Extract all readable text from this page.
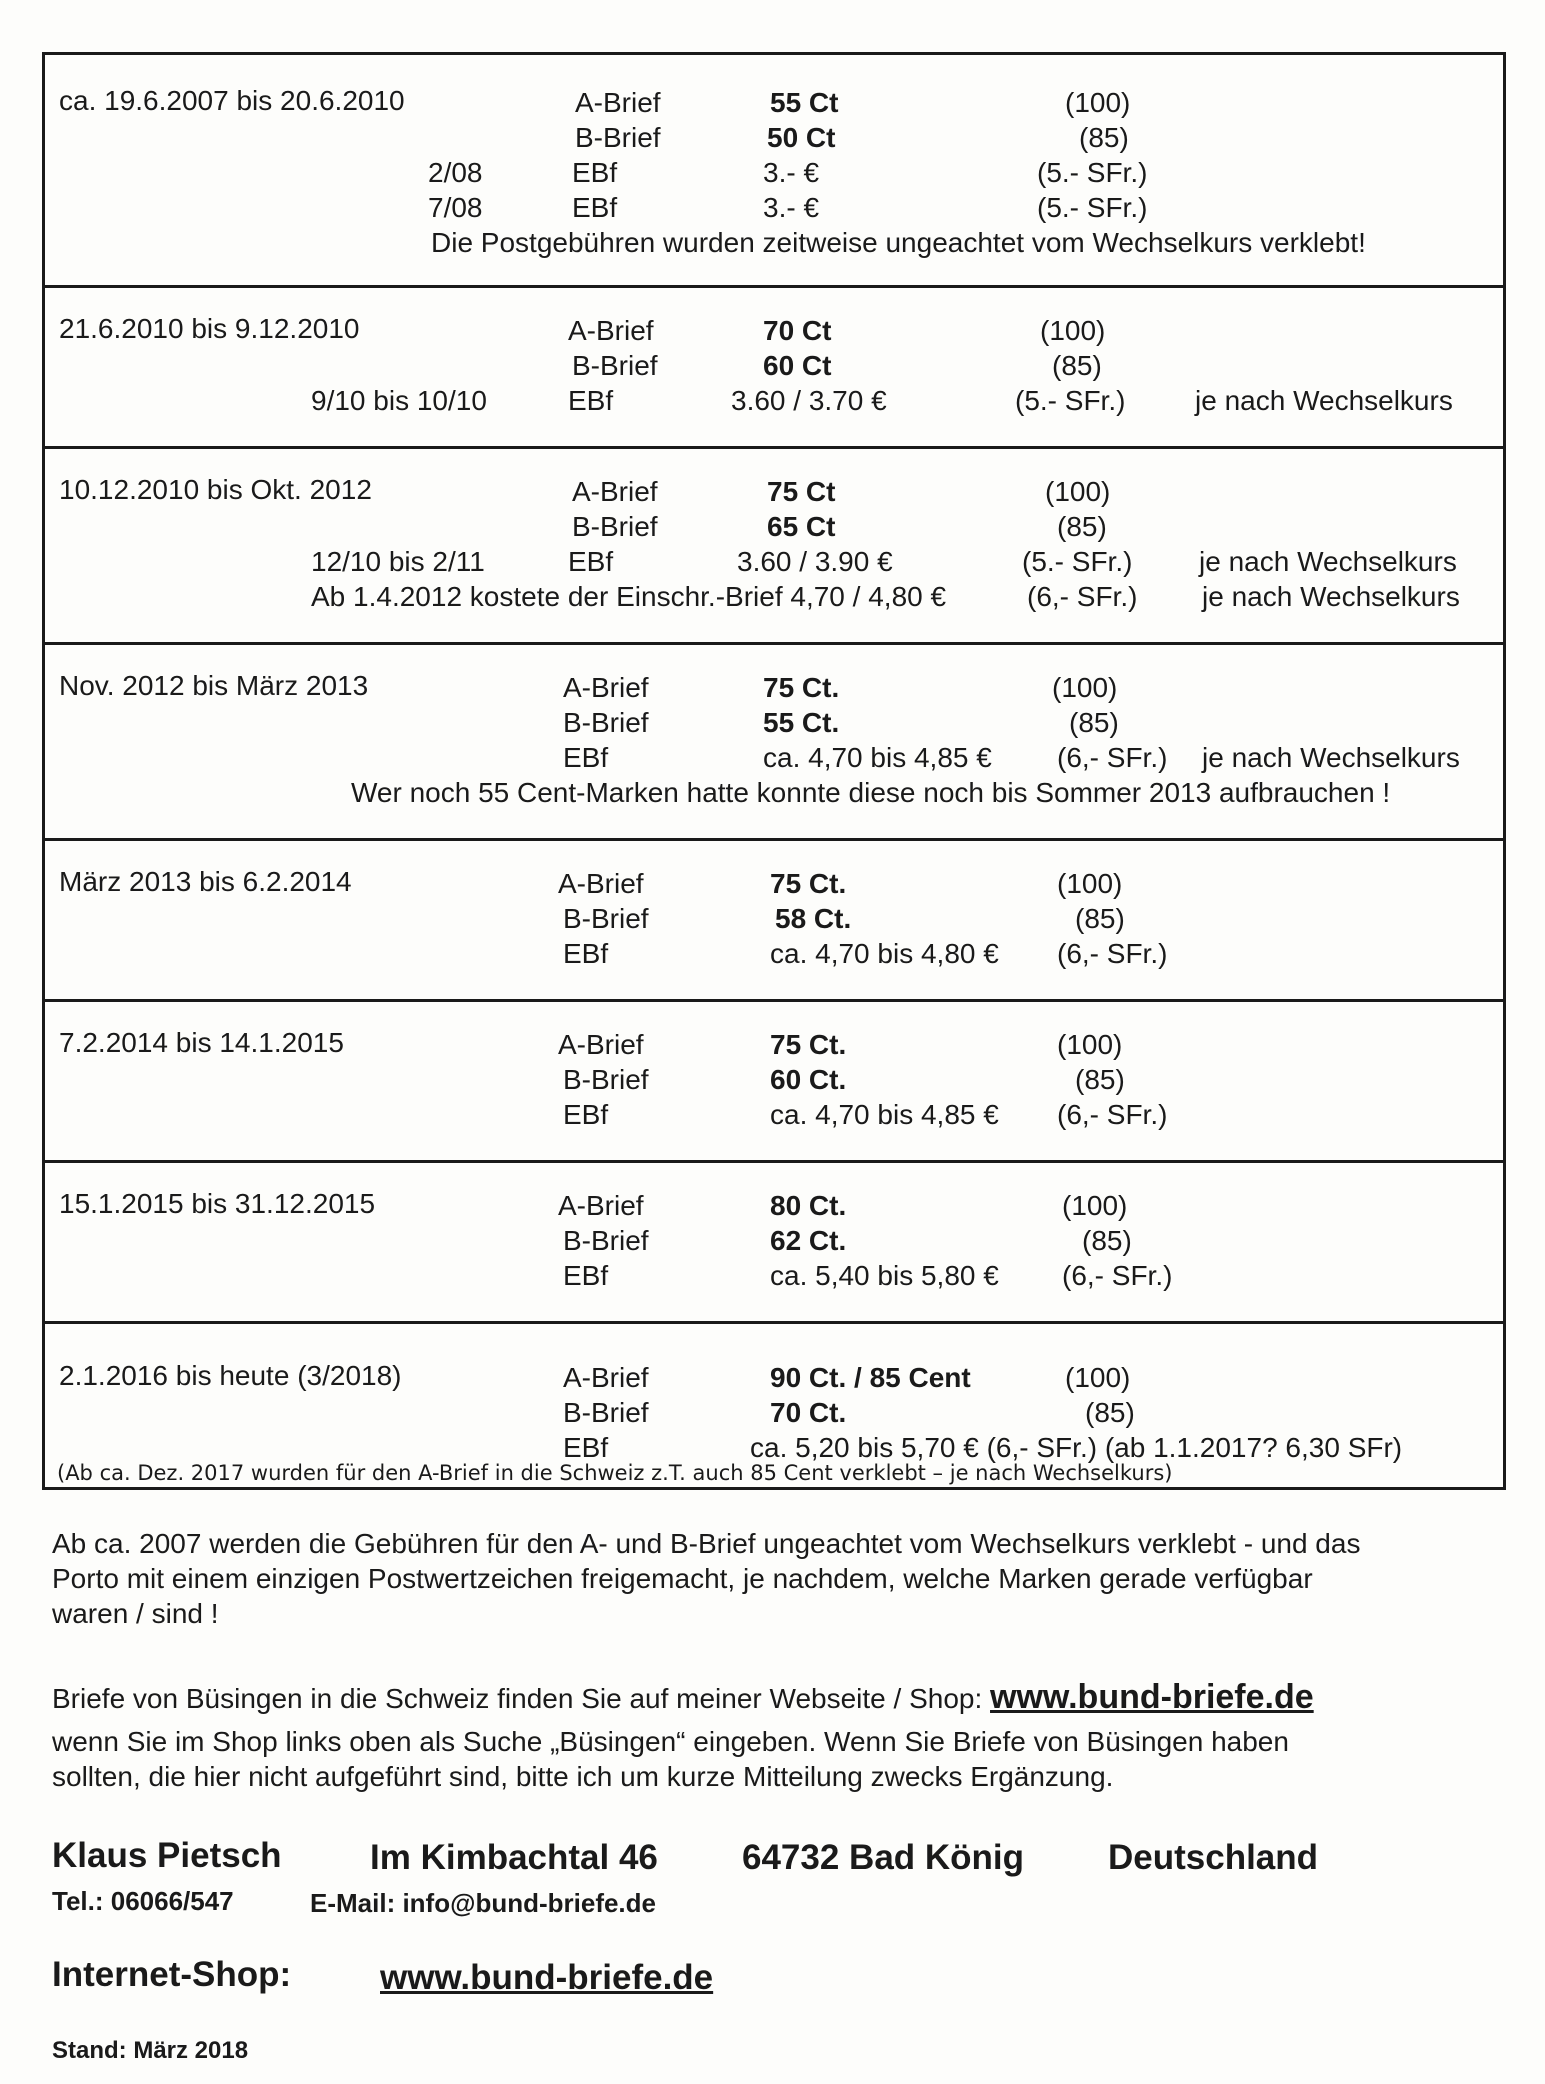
ca. 19.6.2007 bis 20.6.2010	A-Brief	55 Ct	(100)
B-Brief	50 Ct	(85)
2/08	EBf	3.- €	(5.- SFr.)
7/08	EBf	3.- €	(5.- SFr.)
Die Postgebühren wurden zeitweise ungeachtet vom Wechselkurs verklebt!
21.6.2010 bis 9.12.2010	A-Brief	70 Ct	(100)
B-Brief	60 Ct	(85)
9/10 bis 10/10	EBf	3.60 / 3.70 €	(5.- SFr.) je nach Wechselkurs
10.12.2010 bis Okt. 2012	A-Brief	75 Ct	(100)
B-Brief	65 Ct	(85)
12/10 bis 2/11	EBf	3.60 / 3.90 €	(5.- SFr.) je nach Wechselkurs
Ab 1.4.2012 kostete der Einschr.-Brief 4,70 / 4,80 €	(6,- SFr.) je nach Wechselkurs
Nov. 2012 bis März 2013	A-Brief	75 Ct.	(100)
B-Brief	55 Ct.	(85)
EBf	ca. 4,70 bis 4,85 € (6,- SFr.) je nach Wechselkurs
Wer noch 55 Cent-Marken hatte konnte diese noch bis Sommer 2013 aufbrauchen !
März 2013 bis 6.2.2014	A-Brief	75 Ct.	(100)
B-Brief	58 Ct.	(85)
EBf	ca. 4,70 bis 4,80 € (6,- SFr.)
7.2.2014 bis 14.1.2015	A-Brief	75 Ct.	(100)
B-Brief	60 Ct.	(85)
EBf	ca. 4,70 bis 4,85 € (6,- SFr.)
15.1.2015 bis 31.12.2015	A-Brief	80 Ct.	(100)
B-Brief	62 Ct.	(85)
EBf	ca. 5,40 bis 5,80 € (6,- SFr.)
2.1.2016 bis heute (3/2018)	A-Brief	90 Ct. / 85 Cent	(100)
B-Brief	70 Ct.	(85)
EBf	ca. 5,20 bis 5,70 € (6,- SFr.) (ab 1.1.2017? 6,30 SFr)
(Ab ca. Dez. 2017 wurden für den A-Brief in die Schweiz z.T. auch 85 Cent verklebt – je nach Wechselkurs)
Ab ca. 2007 werden die Gebühren für den A- und B-Brief ungeachtet vom Wechselkurs verklebt - und das
Porto mit einem einzigen Postwertzeichen freigemacht, je nachdem, welche Marken gerade verfügbar
waren / sind !
Briefe von Büsingen in die Schweiz finden Sie auf meiner Webseite / Shop: www.bund-briefe.de
wenn Sie im Shop links oben als Suche „Büsingen“ eingeben. Wenn Sie Briefe von Büsingen haben
sollten, die hier nicht aufgeführt sind, bitte ich um kurze Mitteilung zwecks Ergänzung.
Klaus Pietsch	Im Kimbachtal 46 64732 Bad König Deutschland
Tel.: 06066/547	E-Mail: info@bund-briefe.de
Internet-Shop:	www.bund-briefe.de
Stand: März 2018
